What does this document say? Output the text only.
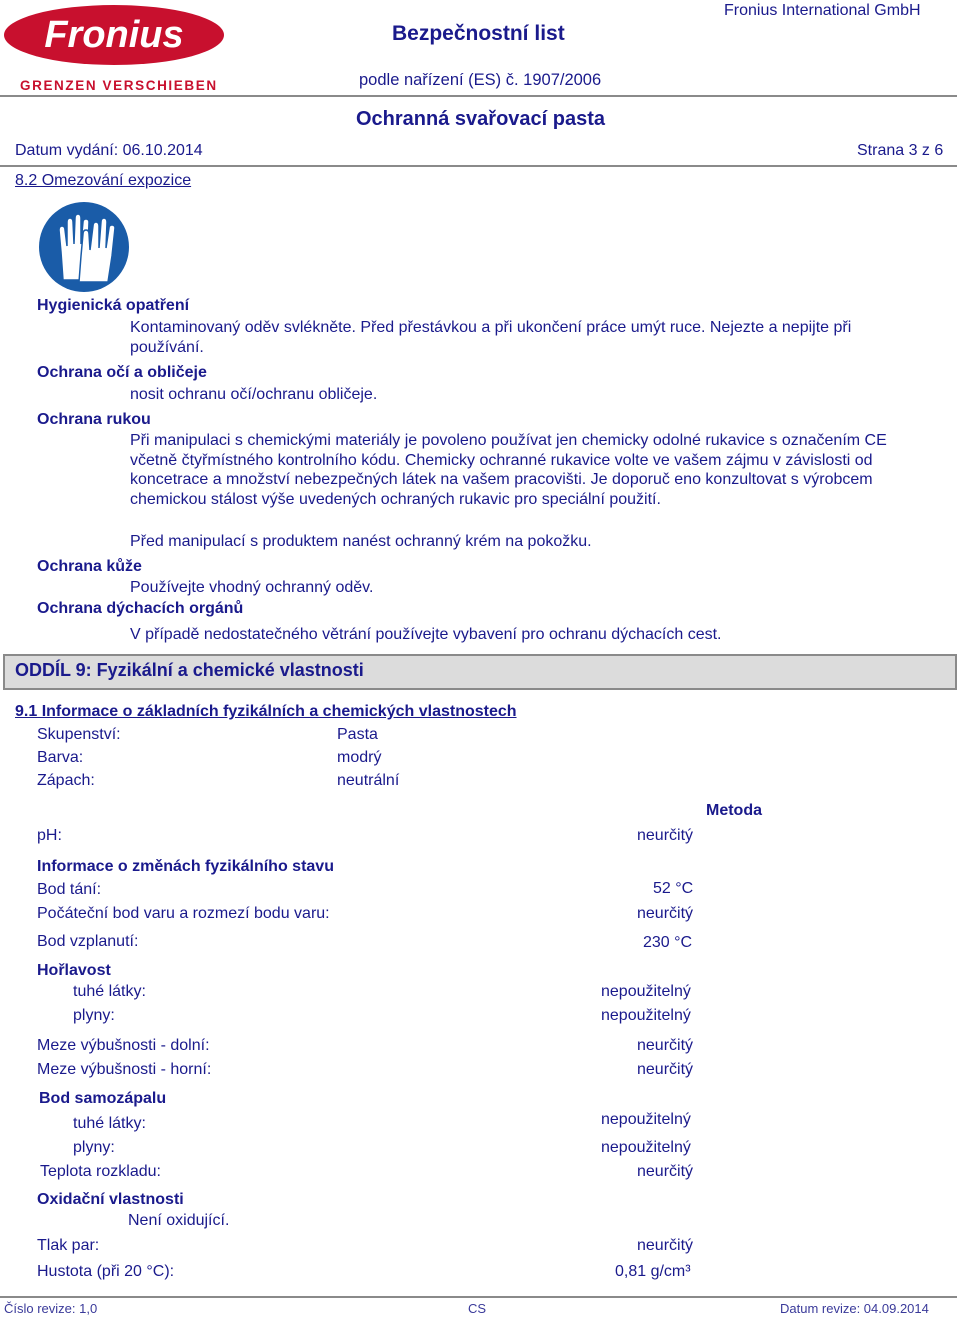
Fronius
GRENZEN VERSCHIEBEN
Bezpečnostní list
podle nařízení (ES) č. 1907/2006
Fronius International GmbH
Ochranná svařovací pasta
Datum vydání: 06.10.2014	Strana 3 z 6
8.2 Omezování expozice
Hygienická opatření
Kontaminovaný oděv svlékněte. Před přestávkou a při ukončení práce umýt ruce. Nejezte a nepijte při používání.
Ochrana očí a obličeje
nosit ochranu očí/ochranu obličeje.
Ochrana rukou
Při manipulaci s chemickými materiály je povoleno používat jen chemicky odolné rukavice s označením CE včetně čtyřmístného kontrolního kódu. Chemicky ochranné rukavice volte ve vašem zájmu v závislosti od koncetrace a množství nebezpečných látek na vašem pracovišti. Je doporuč eno konzultovat s výrobcem chemickou stálost výše uvedených ochraných rukavic pro speciální použití.
Před manipulací s produktem nanést ochranný krém na pokožku.
Ochrana kůže
Používejte vhodný ochranný oděv.
Ochrana dýchacích orgánů
V případě nedostatečného větrání používejte vybavení pro ochranu dýchacích cest.
ODDÍL 9: Fyzikální a chemické vlastnosti
9.1 Informace o základních fyzikálních a chemických vlastnostech
Skupenství:	Pasta
Barva:	modrý
Zápach:	neutrální
Metoda
pH:	neurčitý
Informace o změnách fyzikálního stavu
Bod tání:	52 °C
Počáteční bod varu a rozmezí bodu varu:	neurčitý
Bod vzplanutí:	230 °C
Hořlavost
tuhé látky:	nepoužitelný
plyny:	nepoužitelný
Meze výbušnosti - dolní:	neurčitý
Meze výbušnosti - horní:	neurčitý
Bod samozápalu
tuhé látky:	nepoužitelný
plyny:	nepoužitelný
Teplota rozkladu:	neurčitý
Oxidační vlastnosti
Není oxidující.
Tlak par:	neurčitý
Hustota (při 20 °C):	0,81 g/cm³
Číslo revize: 1,0	CS	Datum revize: 04.09.2014
